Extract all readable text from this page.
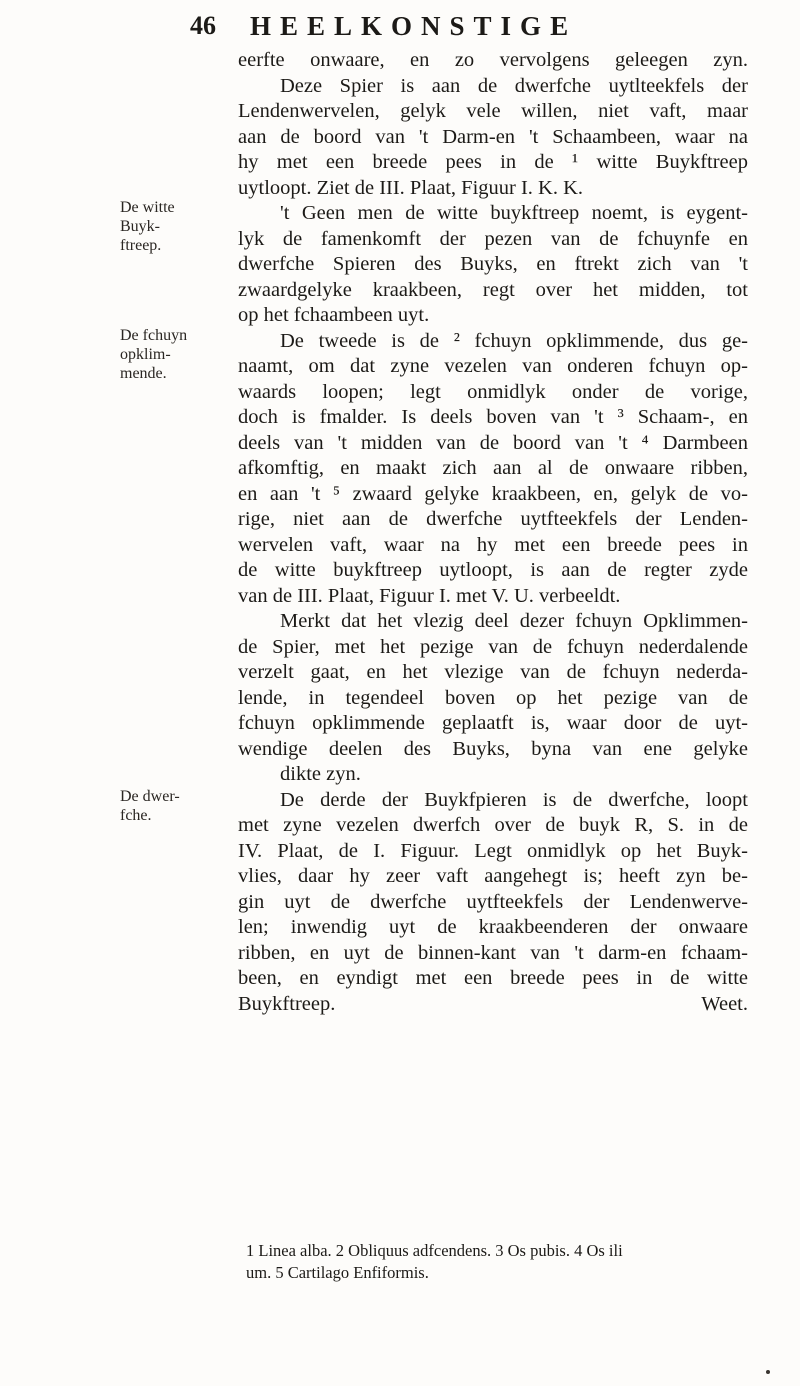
46	HEELKONSTIGE
De witte
Buyk-
ftreep.
De fchuyn
opklim-
mende.
De dwer-
fche.
eerfte onwaare, en zo vervolgens geleegen zyn.
Deze Spier is aan de dwerfche uytlteekfels der
Lendenwervelen, gelyk vele willen, niet vaft, maar
aan de boord van 't Darm-en 't Schaambeen, waar na
hy met een breede pees in de ¹ witte Buykftreep
uytloopt. Ziet de III. Plaat, Figuur I. K. K.
't Geen men de witte buykftreep noemt, is eygent-
lyk de famenkomft der pezen van de fchuynfe en
dwerfche Spieren des Buyks, en ftrekt zich van 't
zwaardgelyke kraakbeen, regt over het midden, tot
op het fchaambeen uyt.
De tweede is de ² fchuyn opklimmende, dus ge-
naamt, om dat zyne vezelen van onderen fchuyn op-
waards loopen; legt onmidlyk onder de vorige,
doch is fmalder. Is deels boven van 't ³ Schaam-, en
deels van 't midden van de boord van 't ⁴ Darmbeen
afkomftig, en maakt zich aan al de onwaare ribben,
en aan 't ⁵ zwaard gelyke kraakbeen, en, gelyk de vo-
rige, niet aan de dwerfche uytfteekfels der Lenden-
wervelen vaft, waar na hy met een breede pees in
de witte buykftreep uytloopt, is aan de regter zyde
van de III. Plaat, Figuur I. met V. U. verbeeldt.
Merkt dat het vlezig deel dezer fchuyn Opklimmen-
de Spier, met het pezige van de fchuyn nederdalende
verzelt gaat, en het vlezige van de fchuyn nederda-
lende, in tegendeel boven op het pezige van de
fchuyn opklimmende geplaatft is, waar door de uyt-
wendige deelen des Buyks, byna van ene gelyke
dikte zyn.
De derde der Buykfpieren is de dwerfche, loopt
met zyne vezelen dwerfch over de buyk R, S. in de
IV. Plaat, de I. Figuur. Legt onmidlyk op het Buyk-
vlies, daar hy zeer vaft aangehegt is; heeft zyn be-
gin uyt de dwerfche uytfteekfels der Lendenwerve-
len; inwendig uyt de kraakbeenderen der onwaare
ribben, en uyt de binnen-kant van 't darm-en fchaam-
been, en eyndigt met een breede pees in de witte
Buykftreep.	Weet.
1 Linea alba. 2 Obliquus adfcendens. 3 Os pubis. 4 Os ili
um. 5 Cartilago Enfiformis.
